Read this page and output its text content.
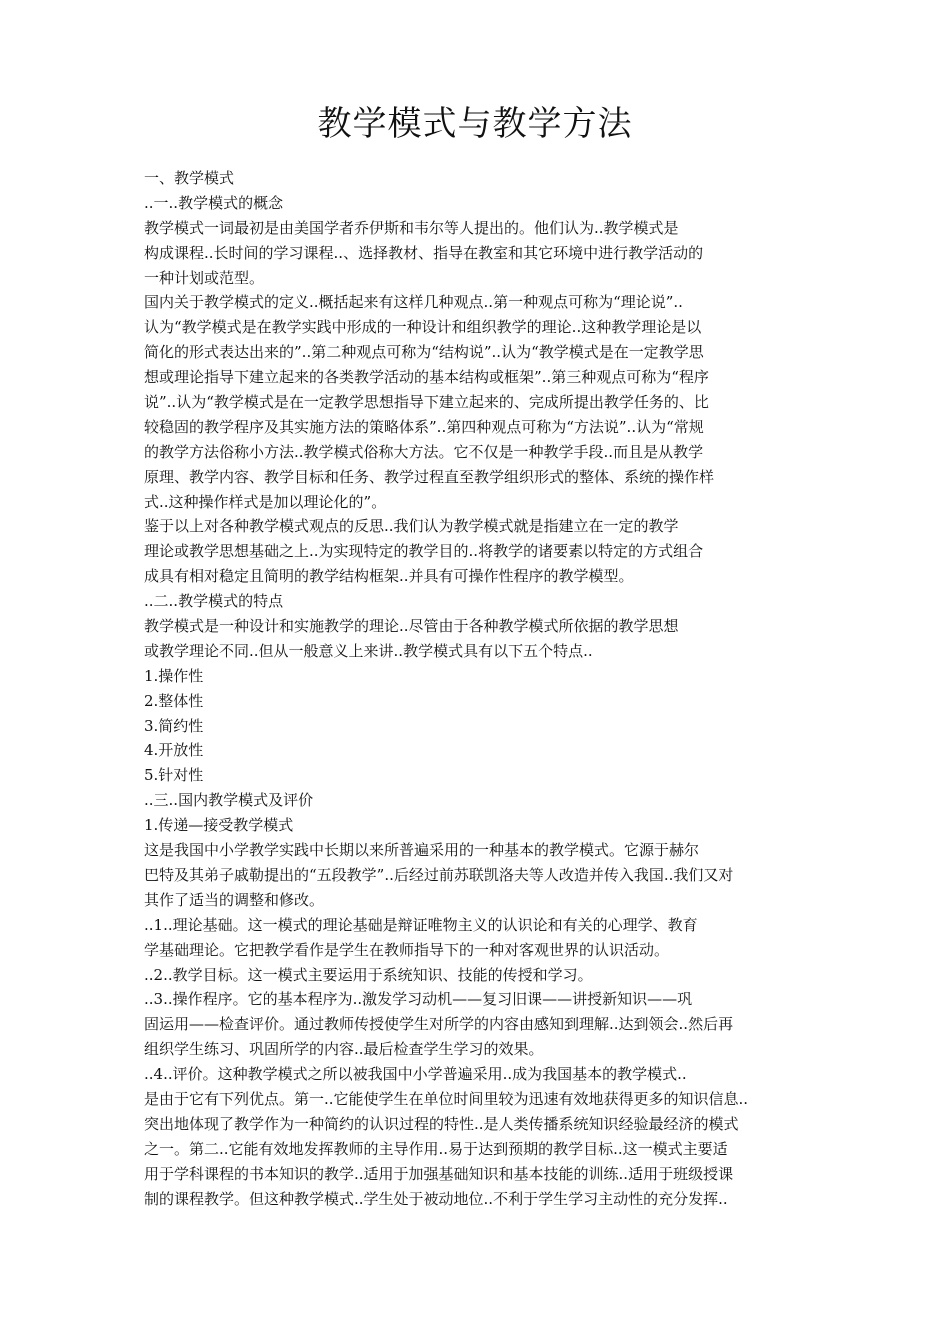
教学模式与教学方法
一、教学模式
..一..教学模式的概念
教学模式一词最初是由美国学者乔伊斯和韦尔等人提出的。他们认为..教学模式是
构成课程..长时间的学习课程..、选择教材、指导在教室和其它环境中进行教学活动的
一种计划或范型。
国内关于教学模式的定义..概括起来有这样几种观点..第一种观点可称为“理论说”..
认为“教学模式是在教学实践中形成的一种设计和组织教学的理论..这种教学理论是以
简化的形式表达出来的”..第二种观点可称为“结构说”..认为“教学模式是在一定教学思
想或理论指导下建立起来的各类教学活动的基本结构或框架”..第三种观点可称为“程序
说”..认为“教学模式是在一定教学思想指导下建立起来的、完成所提出教学任务的、比
较稳固的教学程序及其实施方法的策略体系”..第四种观点可称为“方法说”..认为“常规
的教学方法俗称小方法..教学模式俗称大方法。它不仅是一种教学手段..而且是从教学
原理、教学内容、教学目标和任务、教学过程直至教学组织形式的整体、系统的操作样
式..这种操作样式是加以理论化的”。
鉴于以上对各种教学模式观点的反思..我们认为教学模式就是指建立在一定的教学
理论或教学思想基础之上..为实现特定的教学目的..将教学的诸要素以特定的方式组合
成具有相对稳定且简明的教学结构框架..并具有可操作性程序的教学模型。
..二..教学模式的特点
教学模式是一种设计和实施教学的理论..尽管由于各种教学模式所依据的教学思想
或教学理论不同..但从一般意义上来讲..教学模式具有以下五个特点..
1.操作性
2.整体性
3.简约性
4.开放性
5.针对性
..三..国内教学模式及评价
1.传递—接受教学模式
这是我国中小学教学实践中长期以来所普遍采用的一种基本的教学模式。它源于赫尔
巴特及其弟子戚勒提出的“五段教学”..后经过前苏联凯洛夫等人改造并传入我国..我们又对
其作了适当的调整和修改。
..1..理论基础。这一模式的理论基础是辩证唯物主义的认识论和有关的心理学、教育
学基础理论。它把教学看作是学生在教师指导下的一种对客观世界的认识活动。
..2..教学目标。这一模式主要运用于系统知识、技能的传授和学习。
..3..操作程序。它的基本程序为..激发学习动机——复习旧课——讲授新知识——巩
固运用——检查评价。通过教师传授使学生对所学的内容由感知到理解..达到领会..然后再
组织学生练习、巩固所学的内容..最后检查学生学习的效果。
..4..评价。这种教学模式之所以被我国中小学普遍采用..成为我国基本的教学模式..
是由于它有下列优点。第一..它能使学生在单位时间里较为迅速有效地获得更多的知识信息..
突出地体现了教学作为一种简约的认识过程的特性..是人类传播系统知识经验最经济的模式
之一。第二..它能有效地发挥教师的主导作用..易于达到预期的教学目标..这一模式主要适
用于学科课程的书本知识的教学..适用于加强基础知识和基本技能的训练..适用于班级授课
制的课程教学。但这种教学模式..学生处于被动地位..不利于学生学习主动性的充分发挥..
